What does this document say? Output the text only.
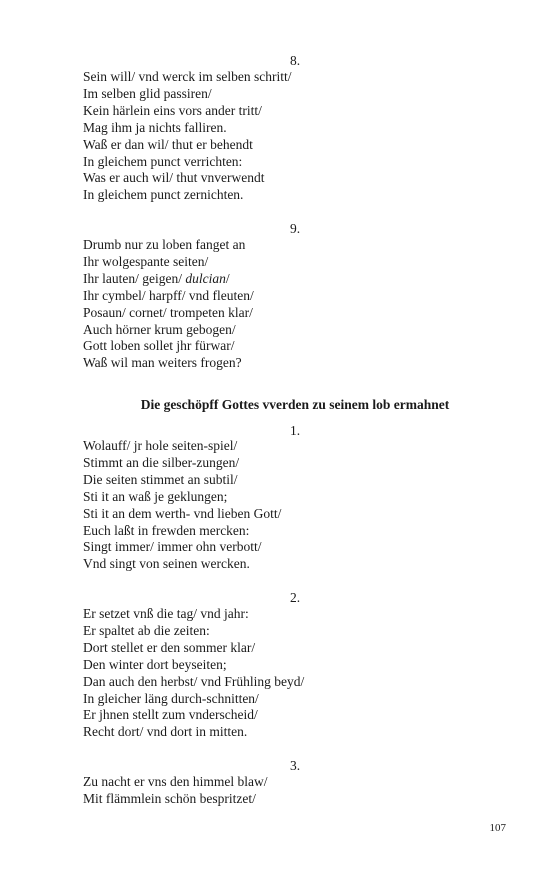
8.
Sein will/ vnd werck im selben schritt/
Im selben glid passiren/
Kein härlein eins vors ander tritt/
Mag ihm ja nichts falliren.
Waß er dan wil/ thut er behendt
In gleichem punct verrichten:
Was er auch wil/ thut vnverwendt
In gleichem punct zernichten.
9.
Drumb nur zu loben fanget an
Ihr wolgespante seiten/
Ihr lauten/ geigen/ dulcian/
Ihr cymbel/ harpff/ vnd fleuten/
Posaun/ cornet/ trompeten klar/
Auch hörner krum gebogen/
Gott loben sollet jhr fürwar/
Waß wil man weiters frogen?
Die geschöpff Gottes vverden zu seinem lob ermahnet
1.
Wolauff/ jr hole seiten-spiel/
Stimmt an die silber-zungen/
Die seiten stimmet an subtil/
Sti it an waß je geklungen;
Sti it an dem werth- vnd lieben Gott/
Euch laßt in frewden mercken:
Singt immer/ immer ohn verbott/
Vnd singt von seinen wercken.
2.
Er setzet vnß die tag/ vnd jahr:
Er spaltet ab die zeiten:
Dort stellet er den sommer klar/
Den winter dort beyseiten;
Dan auch den herbst/ vnd Frühling beyd/
In gleicher läng durch-schnitten/
Er jhnen stellt zum vnderscheid/
Recht dort/ vnd dort in mitten.
3.
Zu nacht er vns den himmel blaw/
Mit flämmlein schön bespritzet/
107
